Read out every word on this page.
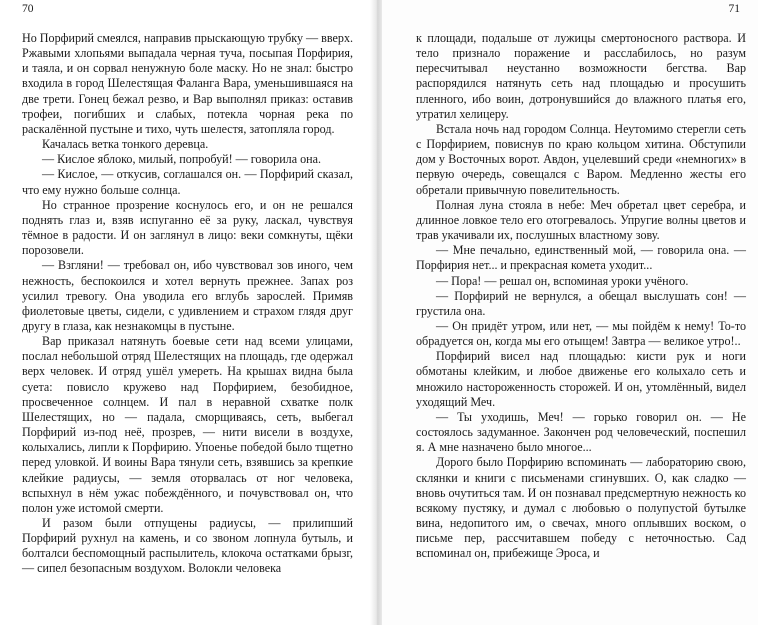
70

Но Порфирий смеялся, направив прыскающую трубку — вверх. Ржавыми хлопьями выпадала черная туча, посыпая Порфирия, и таяла, и он сорвал ненужную боле маску. Но не знал: быстро входила в город Шелестящая Фаланга Вара, уменьшившаяся на две трети. Гонец бежал резво, и Вар выполнял приказ: оставив трофеи, погибших и слабых, потекла чорная река по раскалённой пустыне и тихо, чуть шелестя, затопляла город.

Качалась ветка тонкого деревца.

— Кислое яблоко, милый, попробуй! — говорила она.

— Кислое, — откусив, соглашался он. — Порфирий сказал, что ему нужно больше солнца.

Но странное прозрение коснулось его, и он не решался поднять глаз и, взяв испуганно её за руку, ласкал, чувствуя тёмное в радости. И он заглянул в лицо: веки сомкнуты, щёки порозовели.

— Взгляни! — требовал он, ибо чувствовал зов иного, чем нежность, беспокоился и хотел вернуть прежнее. Запах роз усилил тревогу. Она уводила его вглубь зарослей. Примяв фиолетовые цветы, сидели, с удивлением и страхом глядя друг другу в глаза, как незнакомцы в пустыне.

Вар приказал натянуть боевые сети над всеми улицами, послал небольшой отряд Шелестящих на площадь, где одержал верх человек. И отряд ушёл умереть. На крышах видна была суета: повисло кружево над Порфирием, безобидное, просвеченное солнцем. И пал в неравной схватке полк Шелестящих, но — падала, сморщиваясь, сеть, выбегал Порфирий из-под неё, прозрев, — нити висели в воздухе, колыхались, липли к Порфирию. Упоенье победой было тщетно перед уловкой. И воины Вара тянули сеть, взявшись за крепкие клейкие радиусы, — земля оторвалась от ног человека, вспыхнул в нём ужас побеждённого, и почувствовал он, что полон уже истомой смерти.

И разом были отпущены радиусы, — прилипший Порфирий рухнул на камень, и со звоном лопнула бутыль, и болталси беспомощный распылитель, клокоча остатками брызг, — сипел безопасным воздухом. Волокли человека

71

к площади, подальше от лужицы смертоносного раствора. И тело признало поражение и расслабилось, но разум пересчитывал неустанно возможности бегства. Вар распорядился натянуть сеть над площадью и просушить пленного, ибо воин, дотронувшийся до влажного платья его, утратил хелицеру.

Встала ночь над городом Солнца. Неутомимо стерегли сеть с Порфирием, повиснув по краю кольцом хитина. Обступили дом у Восточных ворот. Авдон, уцелевший среди «немногих» в первую очередь, совещался с Варом. Медленно жесты его обретали привычную повелительность.

Полная луна стояла в небе: Меч обретал цвет серебра, и длинное ловкое тело его отогревалось. Упругие волны цветов и трав укачивали их, послушных властному зову.

— Мне печально, единственный мой, — говорила она. — Порфирия нет... и прекрасная комета уходит...

— Пора! — решал он, вспоминая уроки учёного.

— Порфирий не вернулся, а обещал выслушать сон! — грустила она.

— Он придёт утром, или нет, — мы пойдём к нему! То-то обрадуется он, когда мы его отыщем! Завтра — великое утро!..

Порфирий висел над площадью: кисти рук и ноги обмотаны клейким, и любое движенье его колыхало сеть и множило настороженность сторожей. И он, утомлённый, видел уходящий Меч.

— Ты уходишь, Меч! — горько говорил он. — Не состоялось задуманное. Закончен род человеческий, поспешил я. А мне назначено было многое...

Дорого было Порфирию вспоминать — лабораторию свою, склянки и книги с письменами сгинувших. О, как сладко — вновь очутиться там. И он познавал предсмертную нежность ко всякому пустяку, и думал с любовью о полупустой бутылке вина, недопитого им, о свечах, много оплывших воском, о письме пер, рассчитавшем победу с неточностью. Сад вспоминал он, прибежище Эроса, и
